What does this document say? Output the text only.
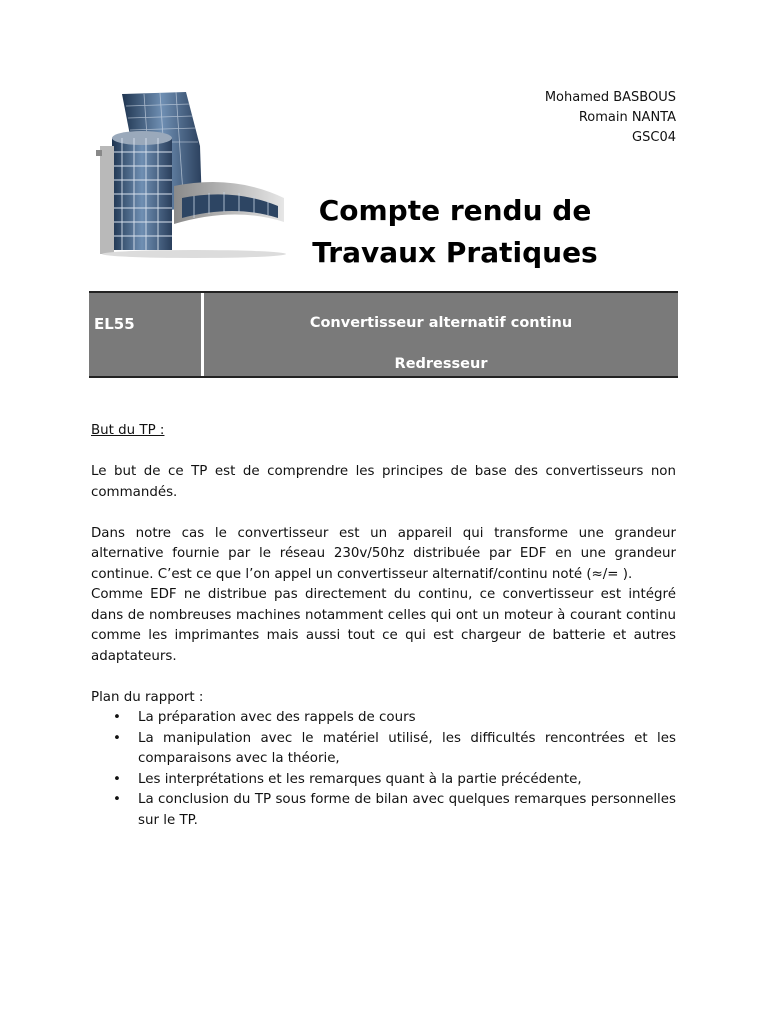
Mohamed BASBOUS
Romain NANTA
GSC04
Compte rendu de
Travaux Pratiques
EL55	Convertisseur alternatif continu
Redresseur

But du TP :

Le but de ce TP est de comprendre les principes de base des convertisseurs non commandés.

Dans notre cas le convertisseur est un appareil qui transforme une grandeur alternative fournie par le réseau 230v/50hz distribuée par EDF en une grandeur continue. C’est ce que l’on appel un convertisseur alternatif/continu noté (≈/= ).

Comme EDF ne distribue pas directement du continu, ce convertisseur est intégré dans de nombreuses machines notamment celles qui ont un moteur à courant continu comme les imprimantes mais aussi tout ce qui est chargeur de batterie et autres adaptateurs.

Plan du rapport :

• La préparation avec des rappels de cours
• La manipulation avec le matériel utilisé, les difficultés rencontrées et les comparaisons avec la théorie,
• Les interprétations et les remarques quant à la partie précédente,
• La conclusion du TP sous forme de bilan avec quelques remarques personnelles sur le TP.
